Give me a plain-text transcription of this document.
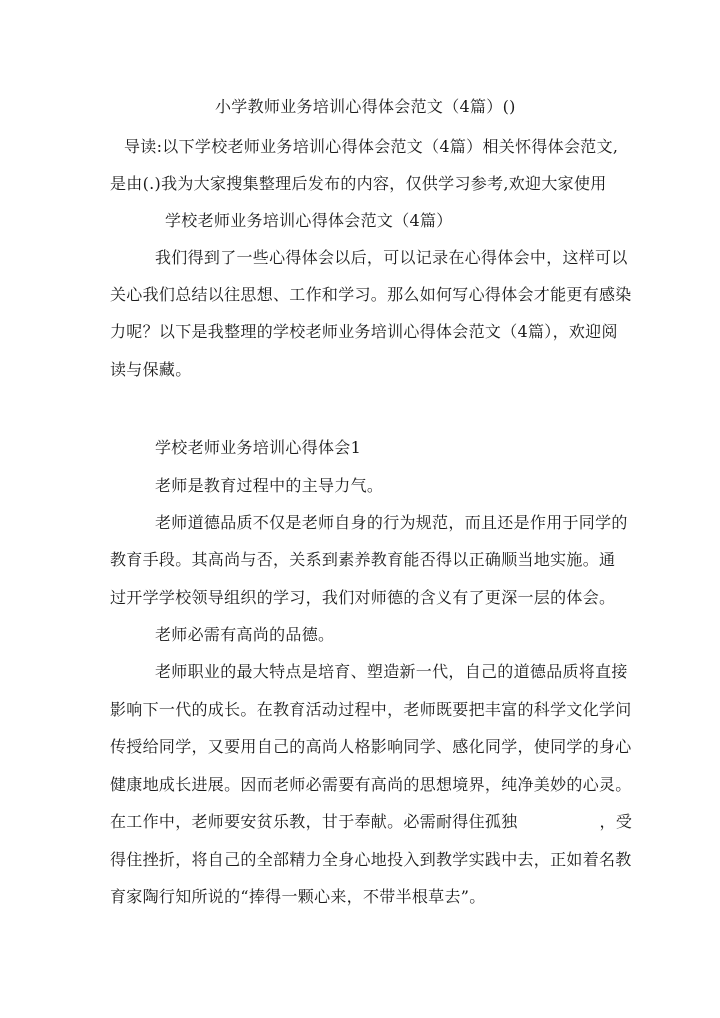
小学教师业务培训心得体会范文（4篇）()
导读:以下学校老师业务培训心得体会范文（4篇）相关怀得体会范文,
是由(.)我为大家搜集整理后发布的内容，仅供学习参考,欢迎大家使用
学校老师业务培训心得体会范文（4篇）
我们得到了一些心得体会以后，可以记录在心得体会中，这样可以
关心我们总结以往思想、工作和学习。那么如何写心得体会才能更有感染
力呢？以下是我整理的学校老师业务培训心得体会范文（4篇），欢迎阅
读与保藏。
学校老师业务培训心得体会1
老师是教育过程中的主导力气。
老师道德品质不仅是老师自身的行为规范，而且还是作用于同学的
教育手段。其高尚与否，关系到素养教育能否得以正确顺当地实施。通
过开学学校领导组织的学习，我们对师德的含义有了更深一层的体会。
老师必需有高尚的品德。
老师职业的最大特点是培育、塑造新一代，自己的道德品质将直接
影响下一代的成长。在教育活动过程中，老师既要把丰富的科学文化学问
传授给同学，又要用自己的高尚人格影响同学、感化同学，使同学的身心
健康地成长进展。因而老师必需要有高尚的思想境界，纯净美妙的心灵。
在工作中，老师要安贫乐教，甘于奉献。必需耐得住孤独	，受
得住挫折，将自己的全部精力全身心地投入到教学实践中去，正如着名教
育家陶行知所说的“捧得一颗心来，不带半根草去”。
